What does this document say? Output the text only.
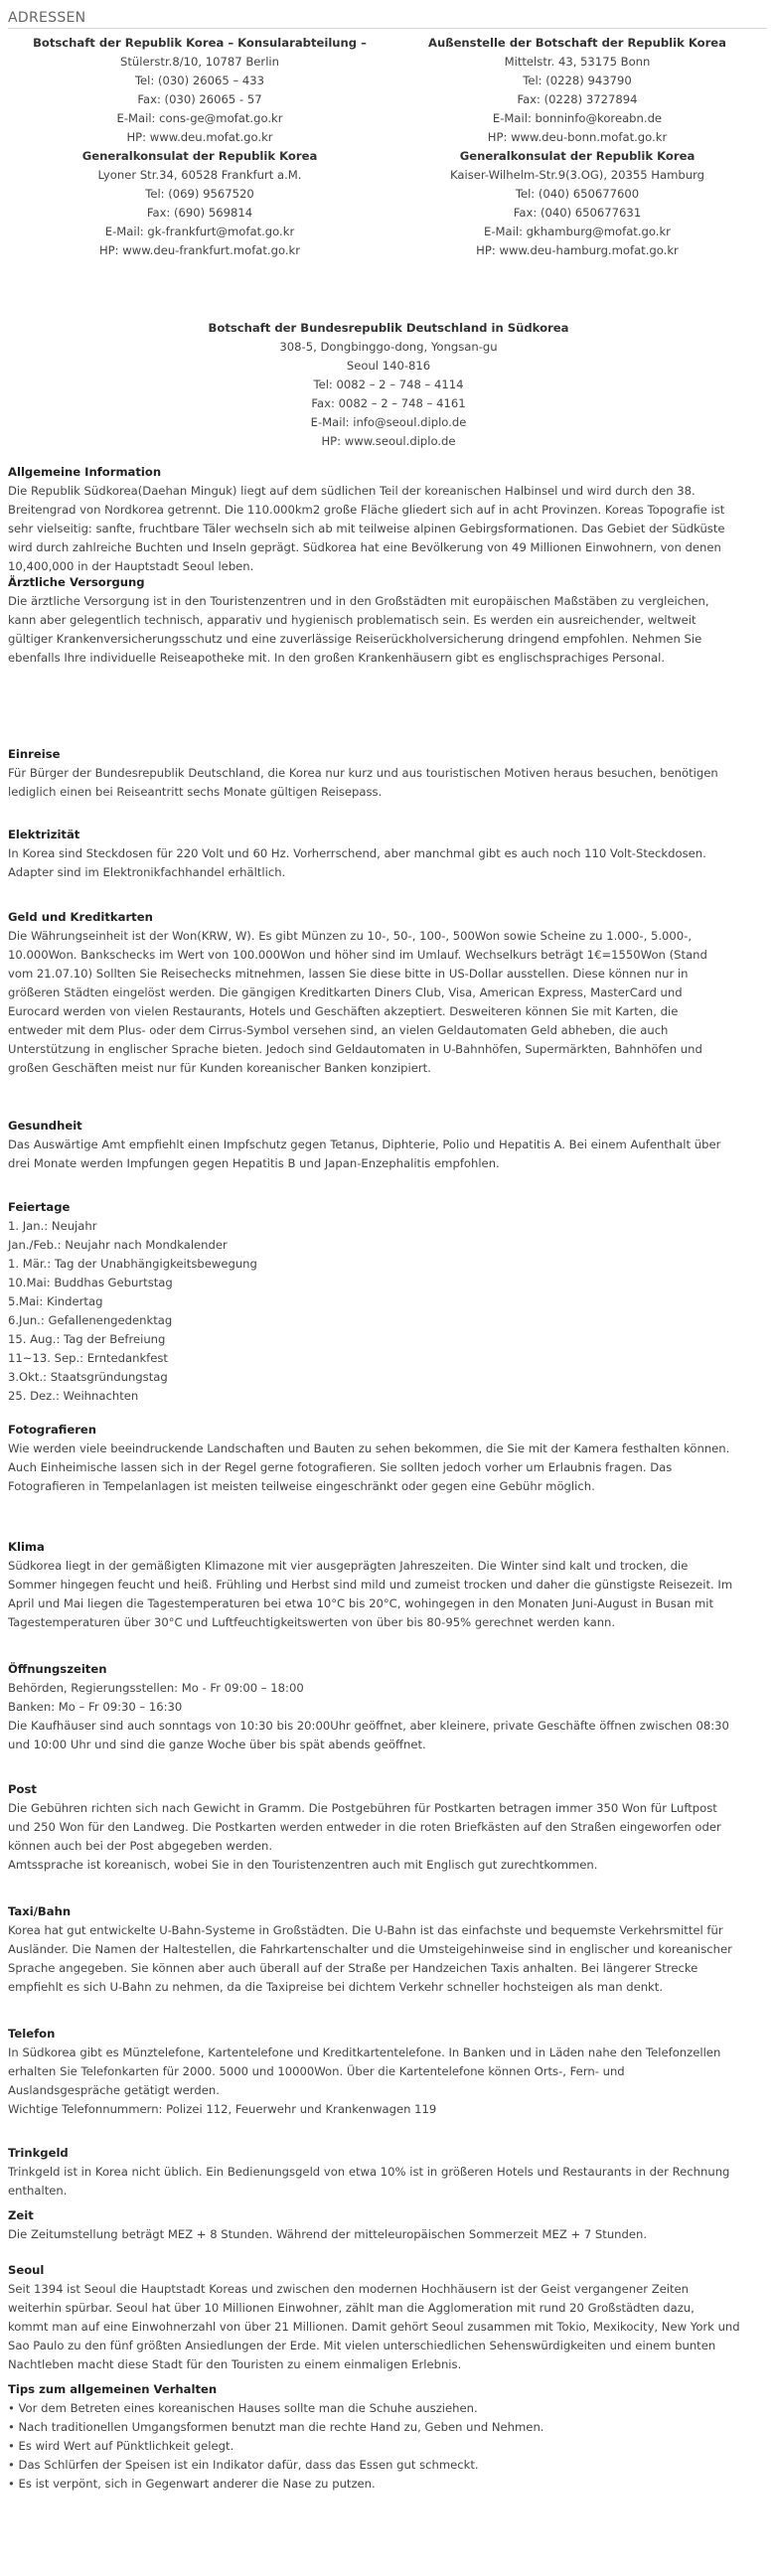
ADRESSEN
Botschaft der Republik Korea – Konsularabteilung –
Stülerstr.8/10, 10787 Berlin
Tel: (030) 26065 – 433
Fax: (030) 26065 - 57
E-Mail: cons-ge@mofat.go.kr
HP: www.deu.mofat.go.kr
Generalkonsulat der Republik Korea
Lyoner Str.34, 60528 Frankfurt a.M.
Tel: (069) 9567520
Fax: (690) 569814
E-Mail: gk-frankfurt@mofat.go.kr
HP: www.deu-frankfurt.mofat.go.kr
Außenstelle der Botschaft der Republik Korea
Mittelstr. 43, 53175 Bonn
Tel: (0228) 943790
Fax: (0228) 3727894
E-Mail: bonninfo@koreabn.de
HP: www.deu-bonn.mofat.go.kr
Generalkonsulat der Republik Korea
Kaiser-Wilhelm-Str.9(3.OG), 20355 Hamburg
Tel: (040) 650677600
Fax: (040) 650677631
E-Mail: gkhamburg@mofat.go.kr
HP: www.deu-hamburg.mofat.go.kr
Botschaft der Bundesrepublik Deutschland in Südkorea
308-5, Dongbinggo-dong, Yongsan-gu
Seoul 140-816
Tel: 0082 – 2 – 748 – 4114
Fax: 0082 – 2 – 748 – 4161
E-Mail: info@seoul.diplo.de
HP: www.seoul.diplo.de
Allgemeine Information
Die Republik Südkorea(Daehan Minguk) liegt auf dem südlichen Teil der koreanischen Halbinsel und wird durch den 38.
Breitengrad von Nordkorea getrennt. Die 110.000km2 große Fläche gliedert sich auf in acht Provinzen. Koreas Topografie ist
sehr vielseitig: sanfte, fruchtbare Täler wechseln sich ab mit teilweise alpinen Gebirgsformationen. Das Gebiet der Südküste
wird durch zahlreiche Buchten und Inseln geprägt. Südkorea hat eine Bevölkerung von 49 Millionen Einwohnern, von denen
10,400,000 in der Hauptstadt Seoul leben.
Ärztliche Versorgung
Die ärztliche Versorgung ist in den Touristenzentren und in den Großstädten mit europäischen Maßstäben zu vergleichen,
kann aber gelegentlich technisch, apparativ und hygienisch problematisch sein. Es werden ein ausreichender, weltweit
gültiger Krankenversicherungsschutz und eine zuverlässige Reiserückholversicherung dringend empfohlen. Nehmen Sie
ebenfalls Ihre individuelle Reiseapotheke mit. In den großen Krankenhäusern gibt es englischsprachiges Personal.
Einreise
Für Bürger der Bundesrepublik Deutschland, die Korea nur kurz und aus touristischen Motiven heraus besuchen, benötigen
lediglich einen bei Reiseantritt sechs Monate gültigen Reisepass.
Elektrizität
In Korea sind Steckdosen für 220 Volt und 60 Hz. Vorherrschend, aber manchmal gibt es auch noch 110 Volt-Steckdosen.
Adapter sind im Elektronikfachhandel erhältlich.
Geld und Kreditkarten
Die Währungseinheit ist der Won(KRW, W). Es gibt Münzen zu 10-, 50-, 100-, 500Won sowie Scheine zu 1.000-, 5.000-,
10.000Won. Bankschecks im Wert von 100.000Won und höher sind im Umlauf. Wechselkurs beträgt 1€=1550Won (Stand
vom 21.07.10) Sollten Sie Reisechecks mitnehmen, lassen Sie diese bitte in US-Dollar ausstellen. Diese können nur in
größeren Städten eingelöst werden. Die gängigen Kreditkarten Diners Club, Visa, American Express, MasterCard und
Eurocard werden von vielen Restaurants, Hotels und Geschäften akzeptiert. Desweiteren können Sie mit Karten, die
entweder mit dem Plus- oder dem Cirrus-Symbol versehen sind, an vielen Geldautomaten Geld abheben, die auch
Unterstützung in englischer Sprache bieten. Jedoch sind Geldautomaten in U-Bahnhöfen, Supermärkten, Bahnhöfen und
großen Geschäften meist nur für Kunden koreanischer Banken konzipiert.
Gesundheit
Das Auswärtige Amt empfiehlt einen Impfschutz gegen Tetanus, Diphterie, Polio und Hepatitis A. Bei einem Aufenthalt über
drei Monate werden Impfungen gegen Hepatitis B und Japan-Enzephalitis empfohlen.
Feiertage
1. Jan.: Neujahr
Jan./Feb.: Neujahr nach Mondkalender
1. Mär.: Tag der Unabhängigkeitsbewegung
10.Mai: Buddhas Geburtstag
5.Mai: Kindertag
6.Jun.: Gefallenengedenktag
15. Aug.: Tag der Befreiung
11~13. Sep.: Erntedankfest
3.Okt.: Staatsgründungstag
25. Dez.: Weihnachten
Fotografieren
Wie werden viele beeindruckende Landschaften und Bauten zu sehen bekommen, die Sie mit der Kamera festhalten können.
Auch Einheimische lassen sich in der Regel gerne fotografieren. Sie sollten jedoch vorher um Erlaubnis fragen. Das
Fotografieren in Tempelanlagen ist meisten teilweise eingeschränkt oder gegen eine Gebühr möglich.
Klima
Südkorea liegt in der gemäßigten Klimazone mit vier ausgeprägten Jahreszeiten. Die Winter sind kalt und trocken, die
Sommer hingegen feucht und heiß. Frühling und Herbst sind mild und zumeist trocken und daher die günstigste Reisezeit. Im
April und Mai liegen die Tagestemperaturen bei etwa 10°C bis 20°C, wohingegen in den Monaten Juni-August in Busan mit
Tagestemperaturen über 30°C und Luftfeuchtigkeitswerten von über bis 80-95% gerechnet werden kann.
Öffnungszeiten
Behörden, Regierungsstellen: Mo - Fr 09:00 – 18:00
Banken: Mo – Fr 09:30 – 16:30
Die Kaufhäuser sind auch sonntags von 10:30 bis 20:00Uhr geöffnet, aber kleinere, private Geschäfte öffnen zwischen 08:30
und 10:00 Uhr und sind die ganze Woche über bis spät abends geöffnet.
Post
Die Gebühren richten sich nach Gewicht in Gramm. Die Postgebühren für Postkarten betragen immer 350 Won für Luftpost
und 250 Won für den Landweg. Die Postkarten werden entweder in die roten Briefkästen auf den Straßen eingeworfen oder
können auch bei der Post abgegeben werden.
Amtssprache ist koreanisch, wobei Sie in den Touristenzentren auch mit Englisch gut zurechtkommen.
Taxi/Bahn
Korea hat gut entwickelte U-Bahn-Systeme in Großstädten. Die U-Bahn ist das einfachste und bequemste Verkehrsmittel für
Ausländer. Die Namen der Haltestellen, die Fahrkartenschalter und die Umsteigehinweise sind in englischer und koreanischer
Sprache angegeben. Sie können aber auch überall auf der Straße per Handzeichen Taxis anhalten. Bei längerer Strecke
empfiehlt es sich U-Bahn zu nehmen, da die Taxipreise bei dichtem Verkehr schneller hochsteigen als man denkt.
Telefon
In Südkorea gibt es Münztelefone, Kartentelefone und Kreditkartentelefone. In Banken und in Läden nahe den Telefonzellen
erhalten Sie Telefonkarten für 2000. 5000 und 10000Won. Über die Kartentelefone können Orts-, Fern- und
Auslandsgespräche getätigt werden.
Wichtige Telefonnummern: Polizei 112, Feuerwehr und Krankenwagen 119
Trinkgeld
Trinkgeld ist in Korea nicht üblich. Ein Bedienungsgeld von etwa 10% ist in größeren Hotels und Restaurants in der Rechnung
enthalten.
Zeit
Die Zeitumstellung beträgt MEZ + 8 Stunden. Während der mitteleuropäischen Sommerzeit MEZ + 7 Stunden.
Seoul
Seit 1394 ist Seoul die Hauptstadt Koreas und zwischen den modernen Hochhäusern ist der Geist vergangener Zeiten
weiterhin spürbar. Seoul hat über 10 Millionen Einwohner, zählt man die Agglomeration mit rund 20 Großstädten dazu,
kommt man auf eine Einwohnerzahl von über 21 Millionen. Damit gehört Seoul zusammen mit Tokio, Mexikocity, New York und
Sao Paulo zu den fünf größten Ansiedlungen der Erde. Mit vielen unterschiedlichen Sehenswürdigkeiten und einem bunten
Nachtleben macht diese Stadt für den Touristen zu einem einmaligen Erlebnis.
Tips zum allgemeinen Verhalten
• Vor dem Betreten eines koreanischen Hauses sollte man die Schuhe ausziehen.
• Nach traditionellen Umgangsformen benutzt man die rechte Hand zu, Geben und Nehmen.
• Es wird Wert auf Pünktlichkeit gelegt.
• Das Schlürfen der Speisen ist ein Indikator dafür, dass das Essen gut schmeckt.
• Es ist verpönt, sich in Gegenwart anderer die Nase zu putzen.
